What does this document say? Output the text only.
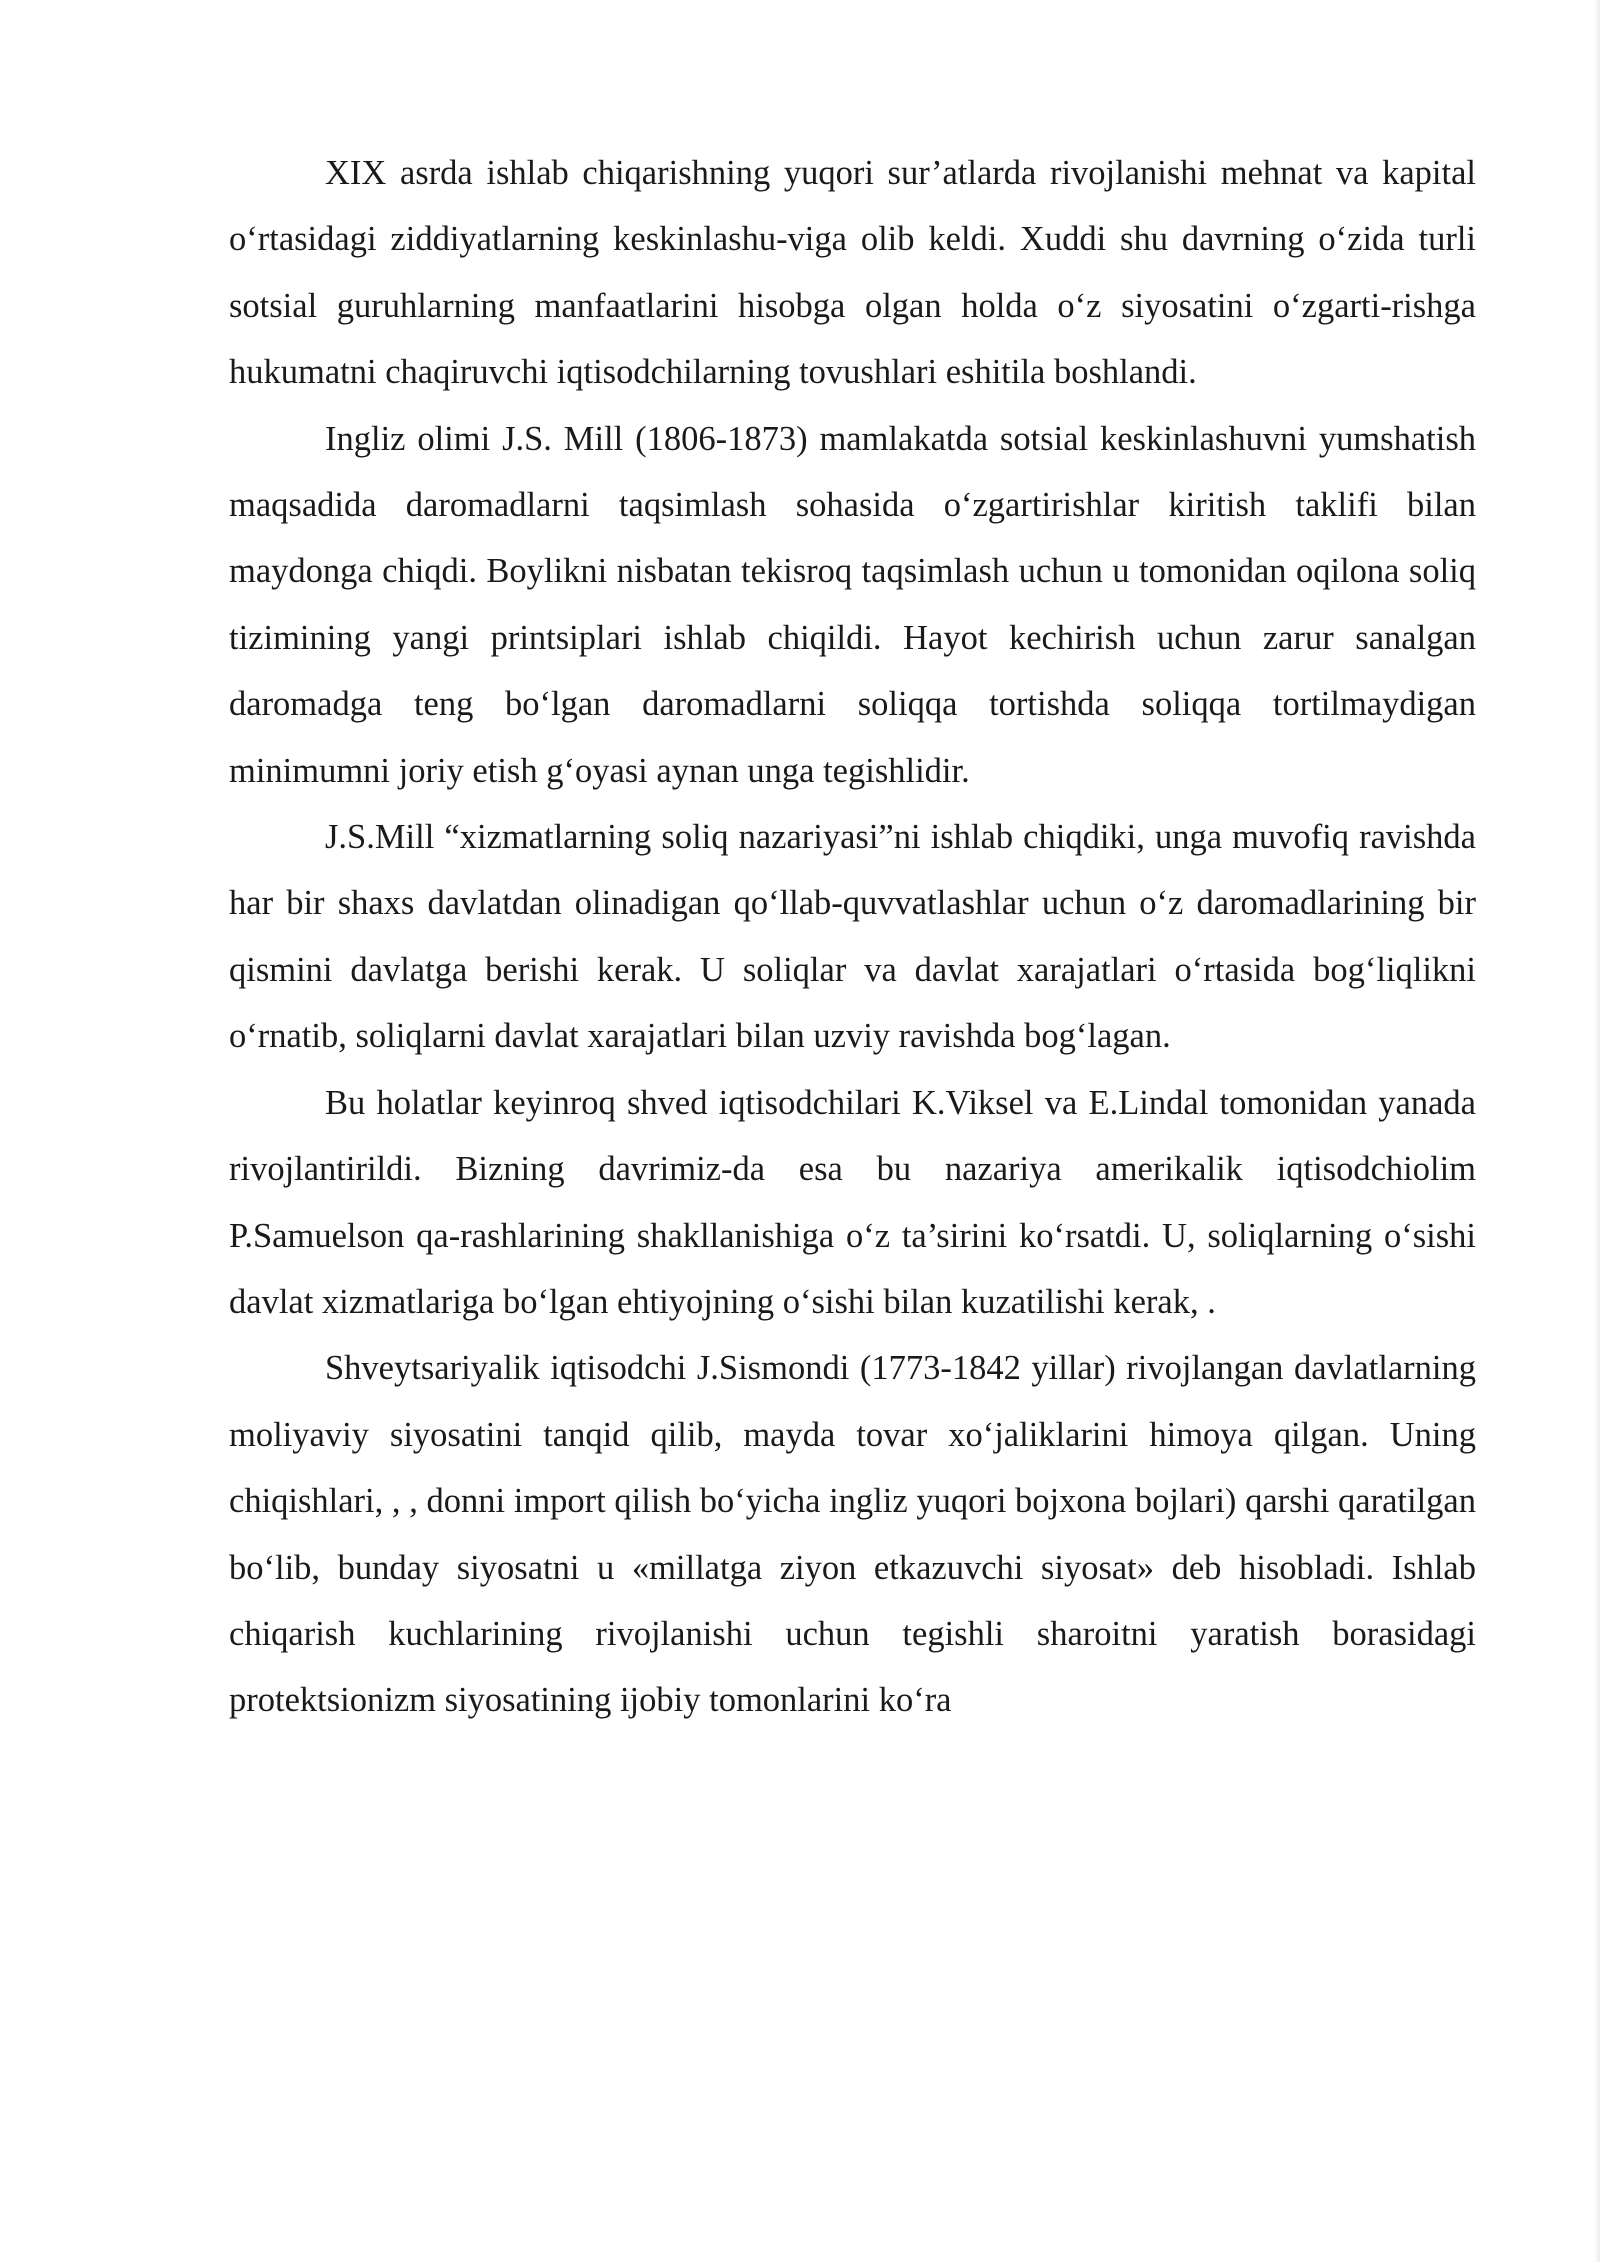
XIX asrda ishlab chiqarishning yuqori sur’atlarda rivojlanishi mehnat va kapital o‘rtasidagi ziddiyatlarning keskinlashu-viga olib keldi. Xuddi shu davrning o‘zida turli sotsial guruhlarning manfaatlarini hisobga olgan holda o‘z siyosatini o‘zgarti-rishga hukumatni chaqiruvchi iqtisodchilarning tovushlari eshitila boshlandi.

Ingliz olimi J.S. Mill (1806-1873) mamlakatda sotsial keskinlashuvni yumshatish maqsadida daromadlarni taqsimlash sohasida o‘zgartirishlar kiritish taklifi bilan maydonga chiqdi. Boylikni nisbatan tekisroq taqsimlash uchun u tomonidan oqilona soliq tizimining yangi printsiplari ishlab chiqildi. Hayot kechirish uchun zarur sanalgan daromadga teng bo‘lgan daromadlarni soliqqa tortishda soliqqa tortilmaydigan minimumni joriy etish g‘oyasi aynan unga tegishlidir.

J.S.Mill “xizmatlarning soliq nazariyasi”ni ishlab chiqdiki, unga muvofiq ravishda har bir shaxs davlatdan olinadigan qo‘llab-quvvatlashlar uchun o‘z daromadlarining bir qismini davlatga berishi kerak. U soliqlar va davlat xarajatlari o‘rtasida bog‘liqlikni o‘rnatib, soliqlarni davlat xarajatlari bilan uzviy ravishda bog‘lagan.

Bu holatlar keyinroq shved iqtisodchilari K.Viksel va E.Lindal tomonidan yanada rivojlantirildi. Bizning davrimiz-da esa bu nazariya amerikalik iqtisodchiolim P.Samuelson qa-rashlarining shakllanishiga o‘z ta’sirini ko‘rsatdi. U, soliqlarning o‘sishi davlat xizmatlariga bo‘lgan ehtiyojning o‘sishi bilan kuzatilishi kerak, .

Shveytsariyalik iqtisodchi J.Sismondi (1773-1842 yillar) rivojlangan davlatlarning moliyaviy siyosatini tanqid qilib, mayda tovar xo‘jaliklarini himoya qilgan. Uning chiqishlari, , , donni import qilish bo‘yicha ingliz yuqori bojxona bojlari) qarshi qaratilgan bo‘lib, bunday siyosatni u «millatga ziyon etkazuvchi siyosat» deb hisobladi. Ishlab chiqarish kuchlarining rivojlanishi uchun tegishli sharoitni yaratish borasidagi protektsionizm siyosatining ijobiy tomonlarini ko‘ra
